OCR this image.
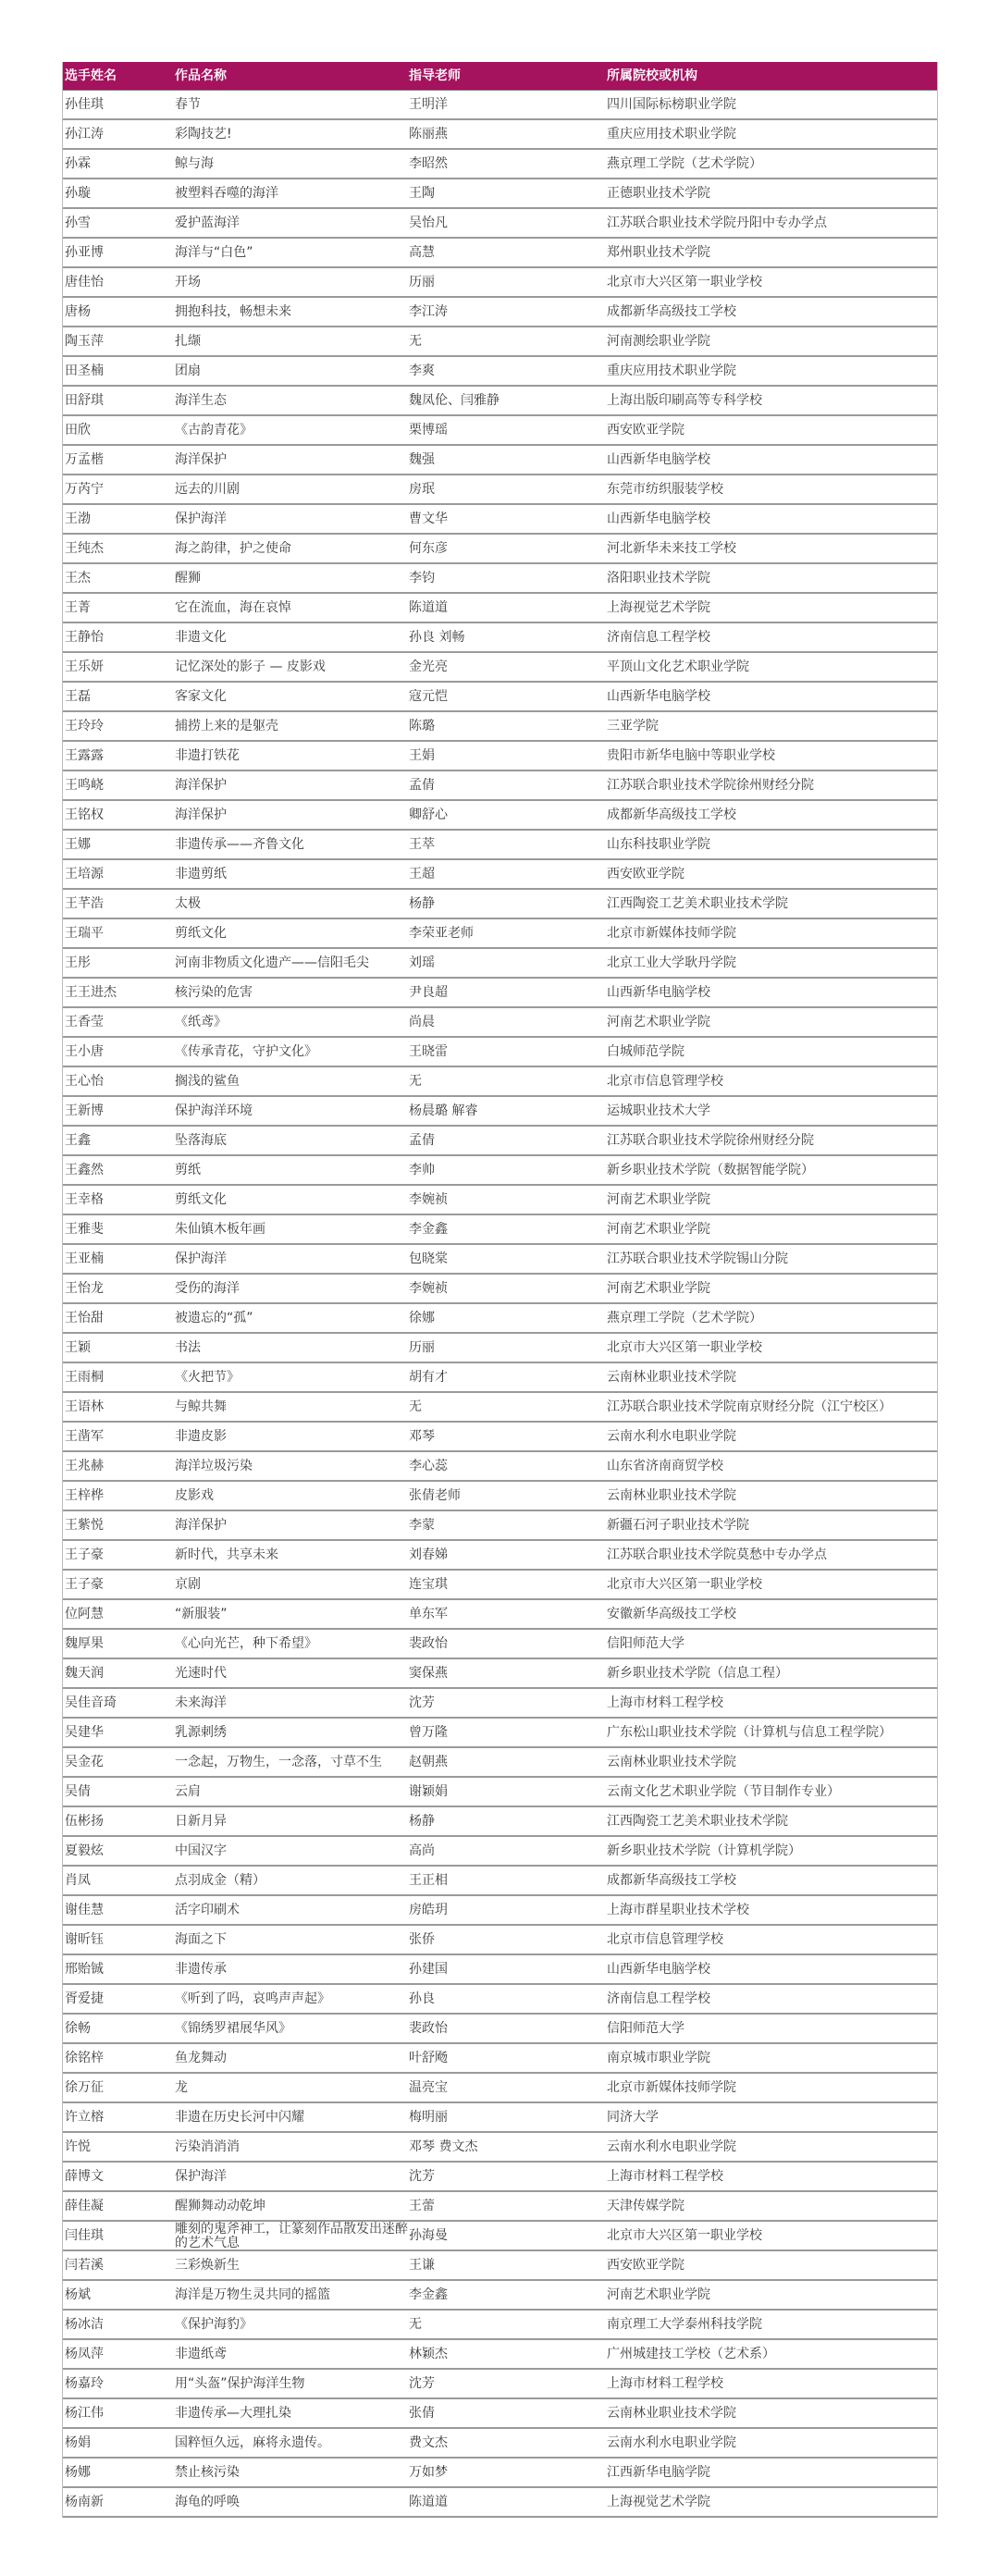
选手姓名	作品名称	指导老师	所属院校或机构
孙佳琪	春节	王明洋	四川国际标榜职业学院
孙江涛	彩陶技艺!	陈丽燕	重庆应用技术职业学院
孙霖	鲸与海	李昭然	燕京理工学院（艺术学院）
孙璇	被塑料吞噬的海洋	王陶	正德职业技术学院
孙雪	爱护蓝海洋	吴怡凡	江苏联合职业技术学院丹阳中专办学点
孙亚博	海洋与“白色”	高慧	郑州职业技术学院
唐佳怡	开场	历丽	北京市大兴区第一职业学校
唐杨	拥抱科技，畅想未来	李江涛	成都新华高级技工学校
陶玉萍	扎缬	无	河南测绘职业学院
田圣楠	团扇	李爽	重庆应用技术职业学院
田舒琪	海洋生态	魏凤伦、闫雅静	上海出版印刷高等专科学校
田欣	《古韵青花》	栗博瑶	西安欧亚学院
万孟楷	海洋保护	魏强	山西新华电脑学校
万芮宁	远去的川剧	房珉	东莞市纺织服装学校
王渤	保护海洋	曹文华	山西新华电脑学校
王纯杰	海之韵律，护之使命	何东彦	河北新华未来技工学校
王杰	醒狮	李钧	洛阳职业技术学院
王菁	它在流血，海在哀悼	陈道道	上海视觉艺术学院
王静怡	非遗文化	孙良 刘畅	济南信息工程学校
王乐妍	记忆深处的影子 — 皮影戏	金光亮	平顶山文化艺术职业学院
王磊	客家文化	寇元恺	山西新华电脑学校
王玲玲	捕捞上来的是躯壳	陈璐	三亚学院
王露露	非遗打铁花	王娟	贵阳市新华电脑中等职业学校
王鸣峣	海洋保护	孟倩	江苏联合职业技术学院徐州财经分院
王铭权	海洋保护	卿舒心	成都新华高级技工学校
王娜	非遗传承——齐鲁文化	王萃	山东科技职业学院
王培源	非遗剪纸	王超	西安欧亚学院
王芊浩	太极	杨静	江西陶瓷工艺美术职业技术学院
王瑞平	剪纸文化	李荣亚老师	北京市新媒体技师学院
王彤	河南非物质文化遗产——信阳毛尖	刘瑶	北京工业大学耿丹学院
王王进杰	核污染的危害	尹良超	山西新华电脑学校
王香莹	《纸鸢》	尚晨	河南艺术职业学院
王小唐	《传承青花，守护文化》	王晓雷	白城师范学院
王心怡	搁浅的鲨鱼	无	北京市信息管理学校
王新博	保护海洋环境	杨晨璐 解睿	运城职业技术大学
王鑫	坠落海底	孟倩	江苏联合职业技术学院徐州财经分院
王鑫然	剪纸	李帅	新乡职业技术学院（数据智能学院）
王幸格	剪纸文化	李婉祯	河南艺术职业学院
王雅斐	朱仙镇木板年画	李金鑫	河南艺术职业学院
王亚楠	保护海洋	包晓棠	江苏联合职业技术学院锡山分院
王怡龙	受伤的海洋	李婉祯	河南艺术职业学院
王怡甜	被遗忘的“孤”	徐娜	燕京理工学院（艺术学院）
王颖	书法	历丽	北京市大兴区第一职业学校
王雨桐	《火把节》	胡有才	云南林业职业技术学院
王语林	与鲸共舞	无	江苏联合职业技术学院南京财经分院（江宁校区）
王凿军	非遗皮影	邓琴	云南水利水电职业学院
王兆赫	海洋垃圾污染	李心蕊	山东省济南商贸学校
王梓桦	皮影戏	张倩老师	云南林业职业技术学院
王紫悦	海洋保护	李蒙	新疆石河子职业技术学院
王子豪	新时代，共享未来	刘春娣	江苏联合职业技术学院莫愁中专办学点
王子豪	京剧	连宝琪	北京市大兴区第一职业学校
位阿慧	“新服装”	单东军	安徽新华高级技工学校
魏厚果	《心向光芒，种下希望》	裴政怡	信阳师范大学
魏天润	光速时代	窦保燕	新乡职业技术学院（信息工程）
吴佳音琦	未来海洋	沈芳	上海市材料工程学校
吴建华	乳源刺绣	曾万隆	广东松山职业技术学院（计算机与信息工程学院）
吴金花	一念起，万物生，一念落，寸草不生	赵朝燕	云南林业职业技术学院
吴倩	云肩	谢颖娟	云南文化艺术职业学院（节目制作专业）
伍彬扬	日新月异	杨静	江西陶瓷工艺美术职业技术学院
夏毅炫	中国汉字	高尚	新乡职业技术学院（计算机学院）
肖凤	点羽成金（精）	王正相	成都新华高级技工学校
谢佳慧	活字印刷术	房皓玥	上海市群星职业技术学校
谢昕钰	海面之下	张侨	北京市信息管理学校
邢贻铖	非遗传承	孙建国	山西新华电脑学校
胥爱捷	《听到了吗，哀鸣声声起》	孙良	济南信息工程学校
徐畅	《锦绣罗裙展华风》	裴政怡	信阳师范大学
徐铭梓	鱼龙舞动	叶舒飏	南京城市职业学院
徐万征	龙	温亮宝	北京市新媒体技师学院
许立榕	非遗在历史长河中闪耀	梅明丽	同济大学
许悦	污染消消消	邓琴 费文杰	云南水利水电职业学院
薛博文	保护海洋	沈芳	上海市材料工程学校
薛佳凝	醒狮舞动动乾坤	王蕾	天津传媒学院
闫佳琪	雕刻的鬼斧神工，让篆刻作品散发出迷醉的艺术气息	孙海曼	北京市大兴区第一职业学校
闫若溪	三彩焕新生	王谦	西安欧亚学院
杨斌	海洋是万物生灵共同的摇篮	李金鑫	河南艺术职业学院
杨冰洁	《保护海豹》	无	南京理工大学泰州科技学院
杨凤萍	非遗纸鸢	林颖杰	广州城建技工学校（艺术系）
杨嘉玲	用“头盔”保护海洋生物	沈芳	上海市材料工程学校
杨江伟	非遗传承—大理扎染	张倩	云南林业职业技术学院
杨娟	国粹恒久远，麻将永遗传。	费文杰	云南水利水电职业学院
杨娜	禁止核污染	万如梦	江西新华电脑学院
杨南新	海龟的呼唤	陈道道	上海视觉艺术学院
